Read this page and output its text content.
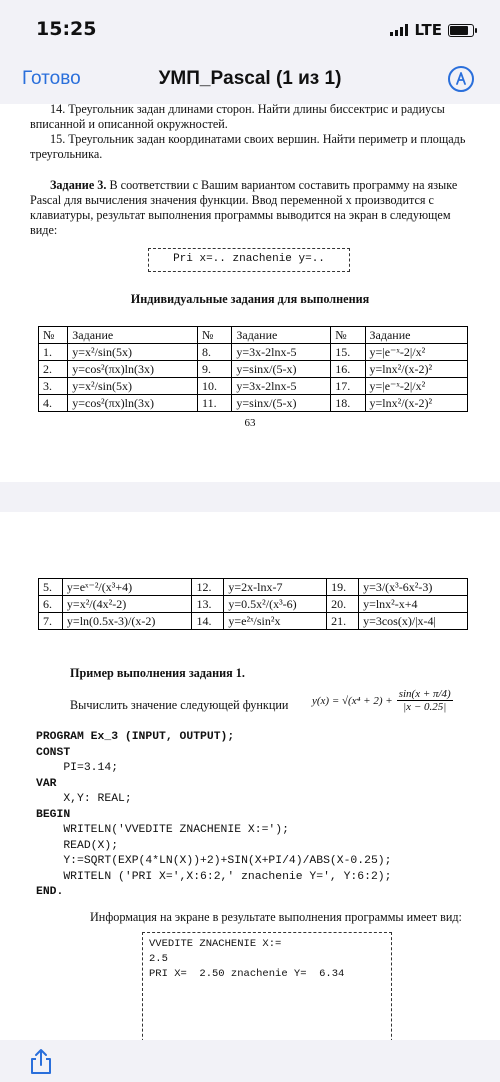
15:25	LTE
Готово	УМП_Pascal (1 из 1)
14. Треугольник задан длинами сторон. Найти длины биссектрис и радиусы вписанной и описанной окружностей.
15. Треугольник задан координатами своих вершин. Найти периметр и площадь треугольника.
Задание 3. В соответствии с Вашим вариантом составить программу на языке Pascal для вычисления значения функции. Ввод переменной x производится с клавиатуры, результат выполнения программы выводится на экран в следующем виде:
Pri x=.. znachenie y=..
Индивидуальные задания для выполнения
№	Задание	№	Задание	№	Задание
1.	y=x²/sin(5x)	8.	y=3x-2lnx-5	15.	y=|e⁻ˣ-2|/x²
2.	y=cos²(πx)ln(3x)	9.	y=sinx/(5-x)	16.	y=lnx²/(x-2)²
3.	y=x²/sin(5x)	10.	y=3x-2lnx-5	17.	y=|e⁻ˣ-2|/x²
4.	y=cos²(πx)ln(3x)	11.	y=sinx/(5-x)	18.	y=lnx²/(x-2)²
63
5.	y=eˣ⁻²/(x³+4)	12.	y=2x-lnx-7	19.	y=3/(x³-6x²-3)
6.	y=x²/(4x²-2)	13.	y=0.5x²/(x³-6)	20.	y=lnx²-x+4
7.	y=ln(0.5x-3)/(x-2)	14.	y=e²ˣ/sin²x	21.	y=3cos(x)/|x-4|
Пример выполнения задания 1.
Вычислить значение следующей функции $y(x) = √(x^4 + 2) + \frac{\sin(x + \pi/4)}{|x - 0.25|}$
PROGRAM Ex_3 (INPUT, OUTPUT);
CONST
PI=3.14;
VAR
X,Y: REAL;
BEGIN
WRITELN('VVEDITE ZNACHENIE X:=');
READ(X);
Y:=SQRT(EXP(4*LN(X))+2)+SIN(X+PI/4)/ABS(X-0.25);
WRITELN ('PRI X=',X:6:2,' znachenie Y=', Y:6:2);
END.
Информация на экране в результате выполнения программы имеет вид:
VVEDITE ZNACHENIE X:=
2.5
PRI X=  2.50 znachenie Y=  6.34
